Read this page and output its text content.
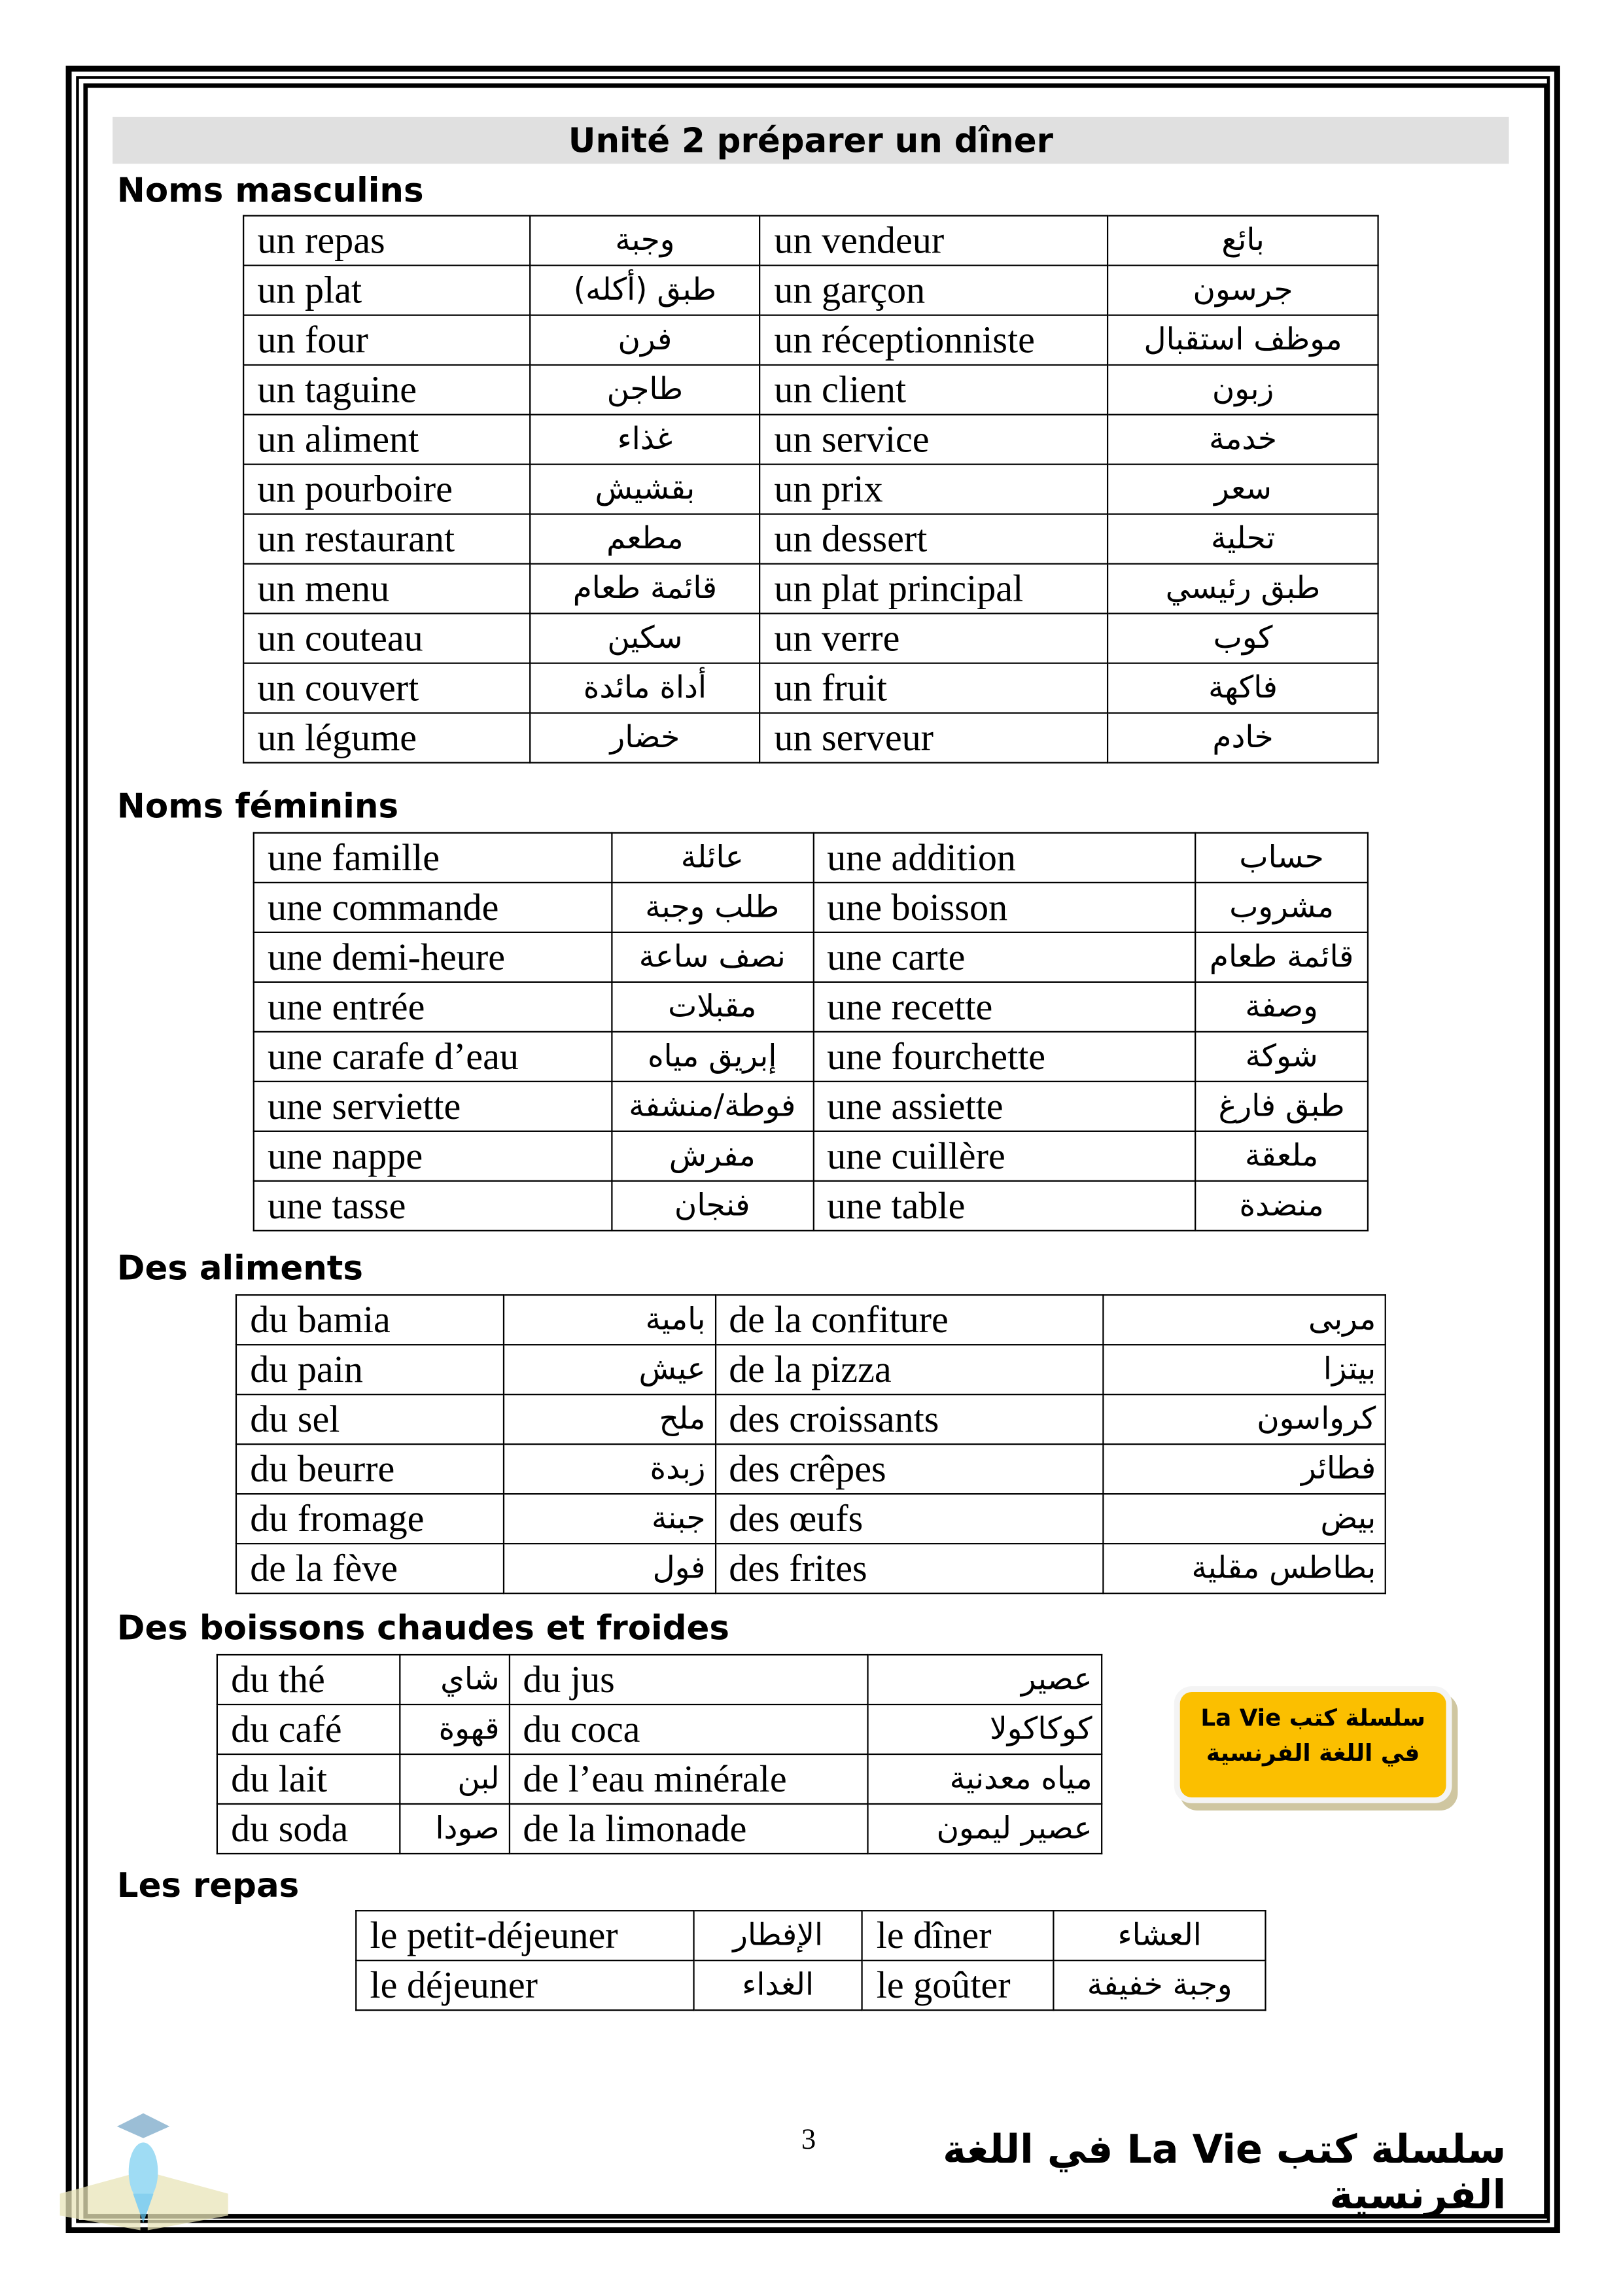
Unité 2 préparer un dîner
Noms masculins
un repas	وجبة	un vendeur	بائع
un plat	طبق (أكله)	un garçon	جرسون
un four	فرن	un réceptionniste	موظف استقبال
un taguine	طاجن	un client	زبون
un aliment	غذاء	un service	خدمة
un pourboire	بقشيش	un prix	سعر
un restaurant	مطعم	un dessert	تحلية
un menu	قائمة طعام	un plat principal	طبق رئيسي
un couteau	سكين	un verre	كوب
un couvert	أداة مائدة	un fruit	فاكهة
un légume	خضار	un serveur	خادم
Noms féminins
une famille	عائلة	une addition	حساب
une commande	طلب وجبة	une boisson	مشروب
une demi-heure	نصف ساعة	une carte	قائمة طعام
une entrée	مقبلات	une recette	وصفة
une carafe d’eau	إبريق مياه	une fourchette	شوكة
une serviette	فوطة/منشفة	une assiette	طبق فارغ
une nappe	مفرش	une cuillère	ملعقة
une tasse	فنجان	une table	منضدة
Des aliments
du bamia	بامية	de la confiture	مربى
du pain	عيش	de la pizza	بيتزا
du sel	ملح	des croissants	كرواسون
du beurre	زبدة	des crêpes	فطائر
du fromage	جبنة	des œufs	بيض
de la fève	فول	des frites	بطاطس مقلية
Des boissons chaudes et froides
du thé	شاي	du jus	عصير
du café	قهوة	du coca	كوكاكولا
du lait	لبن	de l’eau minérale	مياه معدنية
du soda	صودا	de la limonade	عصير ليمون
سلسلة كتب La Vie
في اللغة الفرنسية
Les repas
le petit-déjeuner	الإفطار	le dîner	العشاء
le déjeuner	الغداء	le goûter	وجبة خفيفة
3	سلسلة كتب La Vie في اللغة الفرنسية
